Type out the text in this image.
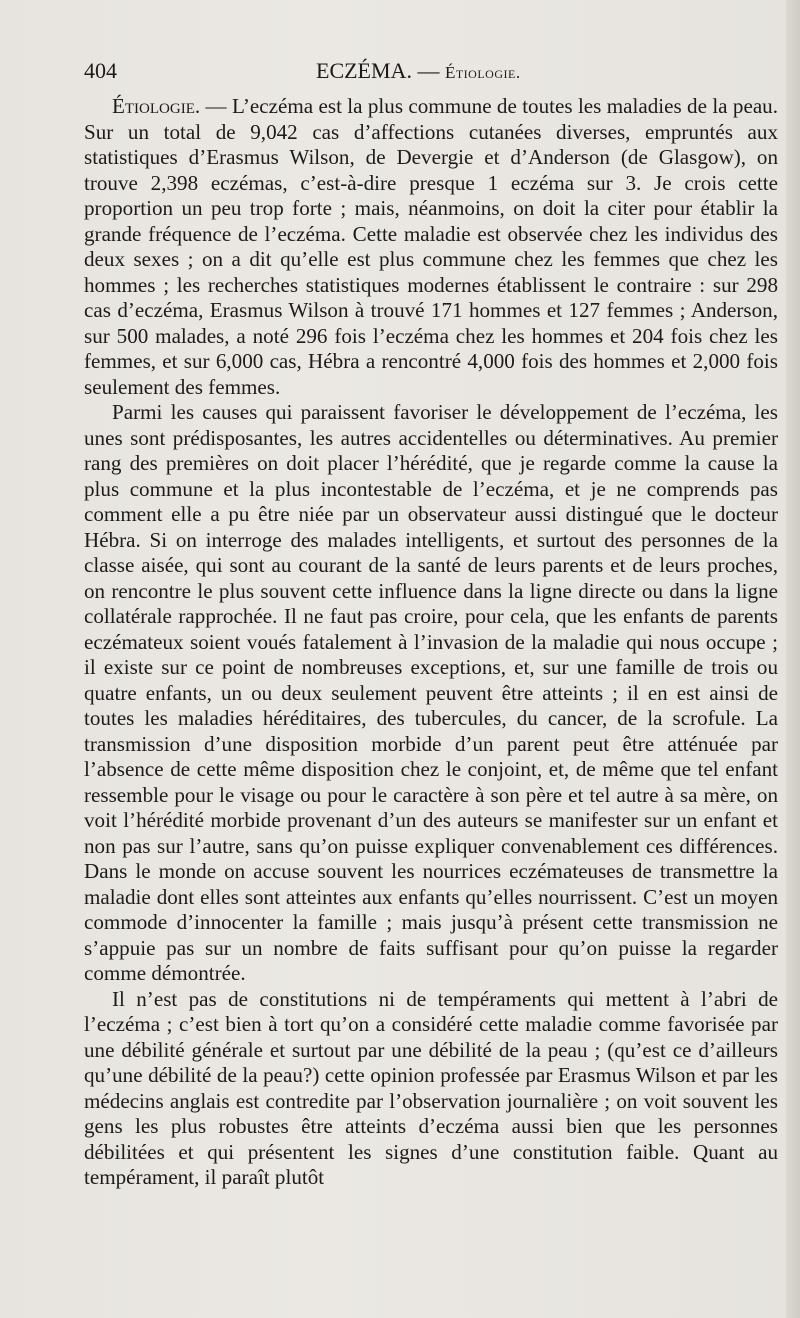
404	ECZÉMA. — Étiologie.

Étiologie. — L’eczéma est la plus commune de toutes les maladies de la peau. Sur un total de 9,042 cas d’affections cutanées diverses, empruntés aux statistiques d’Erasmus Wilson, de Devergie et d’Anderson (de Glasgow), on trouve 2,398 eczémas, c’est-à-dire presque 1 eczéma sur 3. Je crois cette proportion un peu trop forte ; mais, néanmoins, on doit la citer pour établir la grande fréquence de l’eczéma. Cette maladie est observée chez les individus des deux sexes ; on a dit qu’elle est plus commune chez les femmes que chez les hommes ; les recherches statistiques modernes établissent le contraire : sur 298 cas d’eczéma, Erasmus Wilson à trouvé 171 hommes et 127 femmes ; Anderson, sur 500 malades, a noté 296 fois l’eczéma chez les hommes et 204 fois chez les femmes, et sur 6,000 cas, Hébra a rencontré 4,000 fois des hommes et 2,000 fois seulement des femmes.

Parmi les causes qui paraissent favoriser le développement de l’eczéma, les unes sont prédisposantes, les autres accidentelles ou déterminatives. Au premier rang des premières on doit placer l’hérédité, que je regarde comme la cause la plus commune et la plus incontestable de l’eczéma, et je ne comprends pas comment elle a pu être niée par un observateur aussi distingué que le docteur Hébra. Si on interroge des malades intelligents, et surtout des personnes de la classe aisée, qui sont au courant de la santé de leurs parents et de leurs proches, on rencontre le plus souvent cette influence dans la ligne directe ou dans la ligne collatérale rapprochée. Il ne faut pas croire, pour cela, que les enfants de parents eczémateux soient voués fatalement à l’invasion de la maladie qui nous occupe ; il existe sur ce point de nombreuses exceptions, et, sur une famille de trois ou quatre enfants, un ou deux seulement peuvent être atteints ; il en est ainsi de toutes les maladies héréditaires, des tubercules, du cancer, de la scrofule. La transmission d’une disposition morbide d’un parent peut être atténuée par l’absence de cette même disposition chez le conjoint, et, de même que tel enfant ressemble pour le visage ou pour le caractère à son père et tel autre à sa mère, on voit l’hérédité morbide provenant d’un des auteurs se manifester sur un enfant et non pas sur l’autre, sans qu’on puisse expliquer convenablement ces différences. Dans le monde on accuse souvent les nourrices eczémateuses de transmettre la maladie dont elles sont atteintes aux enfants qu’elles nourrissent. C’est un moyen commode d’innocenter la famille ; mais jusqu’à présent cette transmission ne s’appuie pas sur un nombre de faits suffisant pour qu’on puisse la regarder comme démontrée.

Il n’est pas de constitutions ni de tempéraments qui mettent à l’abri de l’eczéma ; c’est bien à tort qu’on a considéré cette maladie comme favorisée par une débilité générale et surtout par une débilité de la peau ; (qu’est ce d’ailleurs qu’une débilité de la peau?) cette opinion professée par Erasmus Wilson et par les médecins anglais est contredite par l’observation journalière ; on voit souvent les gens les plus robustes être atteints d’eczéma aussi bien que les personnes débilitées et qui présentent les signes d’une constitution faible. Quant au tempérament, il paraît plutôt
